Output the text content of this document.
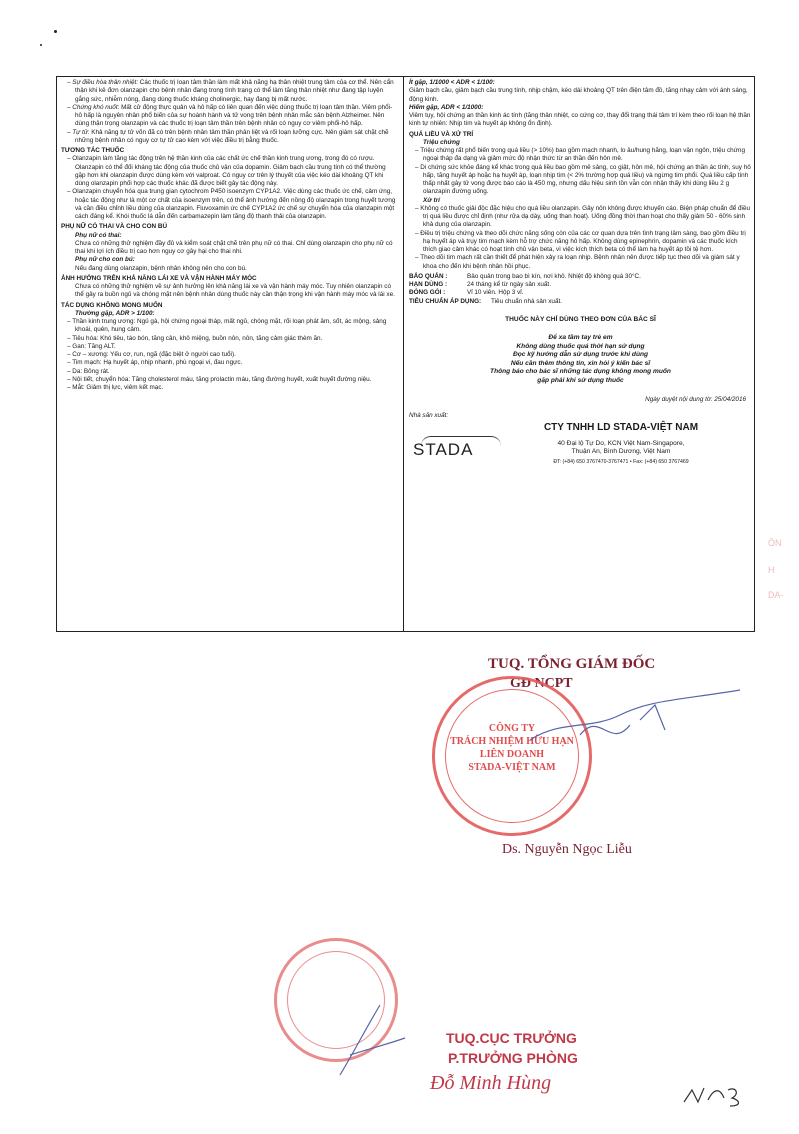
– Sự điều hòa thân nhiệt: Các thuốc trị loạn tâm thần làm mất khả năng hạ thân nhiệt trung tâm của cơ thể. Nên cẩn thận khi kê đơn olanzapin cho bệnh nhân đang trong tình trạng có thể làm tăng thân nhiệt như đang tập luyện gắng sức, nhiễm nóng, đang dùng thuốc kháng cholinergic, hay đang bị mất nước.
– Chứng khó nuốt: Mất cử động thực quản và hô hấp có liên quan đến việc dùng thuốc trị loạn tâm thần. Viêm phổi-hô hấp là nguyên nhân phổ biến của sự hoành hành và tử vong trên bệnh nhân mắc sản bệnh Alzheimer. Nên dùng thận trọng olanzapin và các thuốc trị loạn tâm thần trên bệnh nhân có nguy cơ viêm phổi-hô hấp.
– Tự tử: Khả năng tự tử vốn đã có trên bệnh nhân tâm thần phân liệt và rối loạn lưỡng cực. Nên giám sát chặt chẽ những bệnh nhân có nguy cơ tự tử cao kèm với việc điều trị bằng thuốc.
TƯƠNG TÁC THUỐC
– Olanzapin làm tăng tác động trên hệ thần kinh của các chất ức chế thần kinh trung ương, trong đó có rượu. Olanzapin có thể đối kháng tác động của thuốc chủ vận của dopamin. Giảm bạch cầu trung tính có thể thường gặp hơn khi olanzapin được dùng kèm với valproat. Có nguy cơ trên lý thuyết của việc kéo dài khoảng QT khi dùng olanzapin phối hợp các thuốc khác đã được biết gây tác động này.
– Olanzapin chuyển hóa qua trung gian cytochrom P450 isoenzym CYP1A2. Việc dùng các thuốc ức chế, cảm ứng, hoặc tác động như là một cơ chất của isoenzym trên, có thể ảnh hưởng đến nồng độ olanzapin trong huyết tương và cần điều chỉnh liều dùng của olanzapin. Fluvoxamin ức chế CYP1A2 ức chế sự chuyển hóa của olanzapin một cách đáng kể. Khói thuốc lá dẫn đến carbamazepin làm tăng độ thanh thải của olanzapin.
PHỤ NỮ CÓ THAI VÀ CHO CON BÚ
Phụ nữ có thai:
Chưa có những thử nghiệm đầy đủ và kiểm soát chặt chẽ trên phụ nữ có thai. Chỉ dùng olanzapin cho phụ nữ có thai khi lợi ích điều trị cao hơn nguy cơ gây hại cho thai nhi.
Phụ nữ cho con bú:
Nếu đang dùng olanzapin, bệnh nhân không nên cho con bú.
ẢNH HƯỞNG TRÊN KHẢ NĂNG LÁI XE VÀ VẬN HÀNH MÁY MÓC
Chưa có những thử nghiệm về sự ảnh hưởng lên khả năng lái xe và vận hành máy móc. Tuy nhiên olanzapin có thể gây ra buồn ngủ và chóng mặt nên bệnh nhân dùng thuốc này cần thận trọng khi vận hành máy móc và lái xe.
TÁC DỤNG KHÔNG MONG MUỐN
Thường gặp, ADR > 1/100:
– Thần kinh trung ương: Ngủ gà, hội chứng ngoại tháp, mất ngủ, chóng mặt, rối loạn phát âm, sốt, ác mộng, sảng khoái, quên, hung cảm.
– Tiêu hóa: Khó tiêu, táo bón, tăng cân, khô miệng, buồn nôn, nôn, tăng cảm giác thèm ăn.
– Gan: Tăng ALT.
– Cơ – xương: Yếu cơ, run, ngã (đặc biệt ở người cao tuổi).
– Tim mạch: Hạ huyết áp, nhịp nhanh, phù ngoại vi, đau ngực.
– Da: Bông rát.
– Nội tiết, chuyển hóa: Tăng cholesterol máu, tăng prolactin máu, tăng đường huyết, xuất huyết đường niệu.
– Mắt: Giảm thị lực, viêm kết mạc.
Ít gặp, 1/1000 < ADR < 1/100:
Giảm bạch cầu, giảm bạch cầu trung tính, nhịp chậm, kéo dài khoảng QT trên điện tâm đồ, tăng nhạy cảm với ánh sáng, động kinh.
Hiếm gặp, ADR < 1/1000:
Viêm tụy, hội chứng an thần kinh ác tính (tăng thân nhiệt, co cứng cơ, thay đổi trạng thái tâm trí kèm theo rối loạn hệ thần kinh tự nhiên: Nhịp tim và huyết áp không ổn định).
QUÁ LIỀU VÀ XỬ TRÍ
Triệu chứng
– Triệu chứng rất phổ biến trong quá liều (> 10%) bao gồm mạch nhanh, lo âu/hung hăng, loạn vận ngôn, triệu chứng ngoại tháp đa dạng và giảm mức độ nhận thức từ an thần đến hôn mê.
– Di chứng sức khỏe đáng kể khác trong quá liều bao gồm mê sảng, co giật, hôn mê, hội chứng an thần ác tính, suy hô hấp, tăng huyết áp hoặc hạ huyết áp, loạn nhịp tim (< 2% trường hợp quá liều) và ngừng tim phổi. Quá liều cấp tính thấp nhất gây tử vong được báo cáo là 450 mg, nhưng dấu hiệu sinh tồn vẫn còn nhận thấy khi dùng liều 2 g olanzapin đường uống.
Xử trí
– Không có thuốc giải độc đặc hiệu cho quá liều olanzapin. Gây nôn không được khuyến cáo. Biện pháp chuẩn để điều trị quá liều được chỉ định (như rửa dạ dày, uống than hoạt). Uống đồng thời than hoạt cho thấy giảm 50 - 60% sinh khả dụng của olanzapin.
– Điều trị triệu chứng và theo dõi chức năng sống còn của các cơ quan dựa trên tình trạng lâm sàng, bao gồm điều trị hạ huyết áp và trụy tim mạch kèm hỗ trợ chức năng hô hấp. Không dùng epinephrin, dopamin và các thuốc kích thích giao cảm khác có hoạt tính chủ vận beta, vì việc kích thích beta có thể làm hạ huyết áp tồi tệ hơn.
– Theo dõi tim mạch rất cần thiết để phát hiện xảy ra loạn nhịp. Bệnh nhân nên được tiếp tục theo dõi và giám sát y khoa cho đến khi bệnh nhân hồi phục.
BẢO QUẢN :	Bảo quản trong bao bì kín, nơi khô. Nhiệt độ không quá 30°C.
HẠN DÙNG :	24 tháng kể từ ngày sản xuất.
ĐÓNG GÓI :	Vỉ 10 viên. Hộp 3 vỉ.
TIÊU CHUẨN ÁP DỤNG:	Tiêu chuẩn nhà sản xuất.
THUỐC NÀY CHỈ DÙNG THEO ĐƠN CỦA BÁC SĨ
Để xa tầm tay trẻ em
Không dùng thuốc quá thời hạn sử dụng
Đọc kỹ hướng dẫn sử dụng trước khi dùng
Nếu cần thêm thông tin, xin hỏi ý kiến bác sĩ
Thông báo cho bác sĩ những tác dụng không mong muốn
gặp phải khi sử dụng thuốc
Ngày duyệt nội dung tờ: 25/04/2016
Nhà sản xuất:
STADA
CTY TNHH LD STADA-VIỆT NAM
40 Đại lộ Tự Do, KCN Việt Nam-Singapore,
Thuận An, Bình Dương, Việt Nam
ĐT: (+84) 650 3767470-3767471 • Fax: (+84) 650 3767469
ÔN
H
DA-
TUQ. TỔNG GIÁM ĐỐC
GĐ NCPT
CÔNG TY
TRÁCH NHIỆM HỮU HẠN
LIÊN DOANH
STADA-VIỆT NAM
Ds. Nguyễn Ngọc Liễu
TUQ.CỤC TRƯỞNG
P.TRƯỞNG PHÒNG
Đỗ Minh Hùng
